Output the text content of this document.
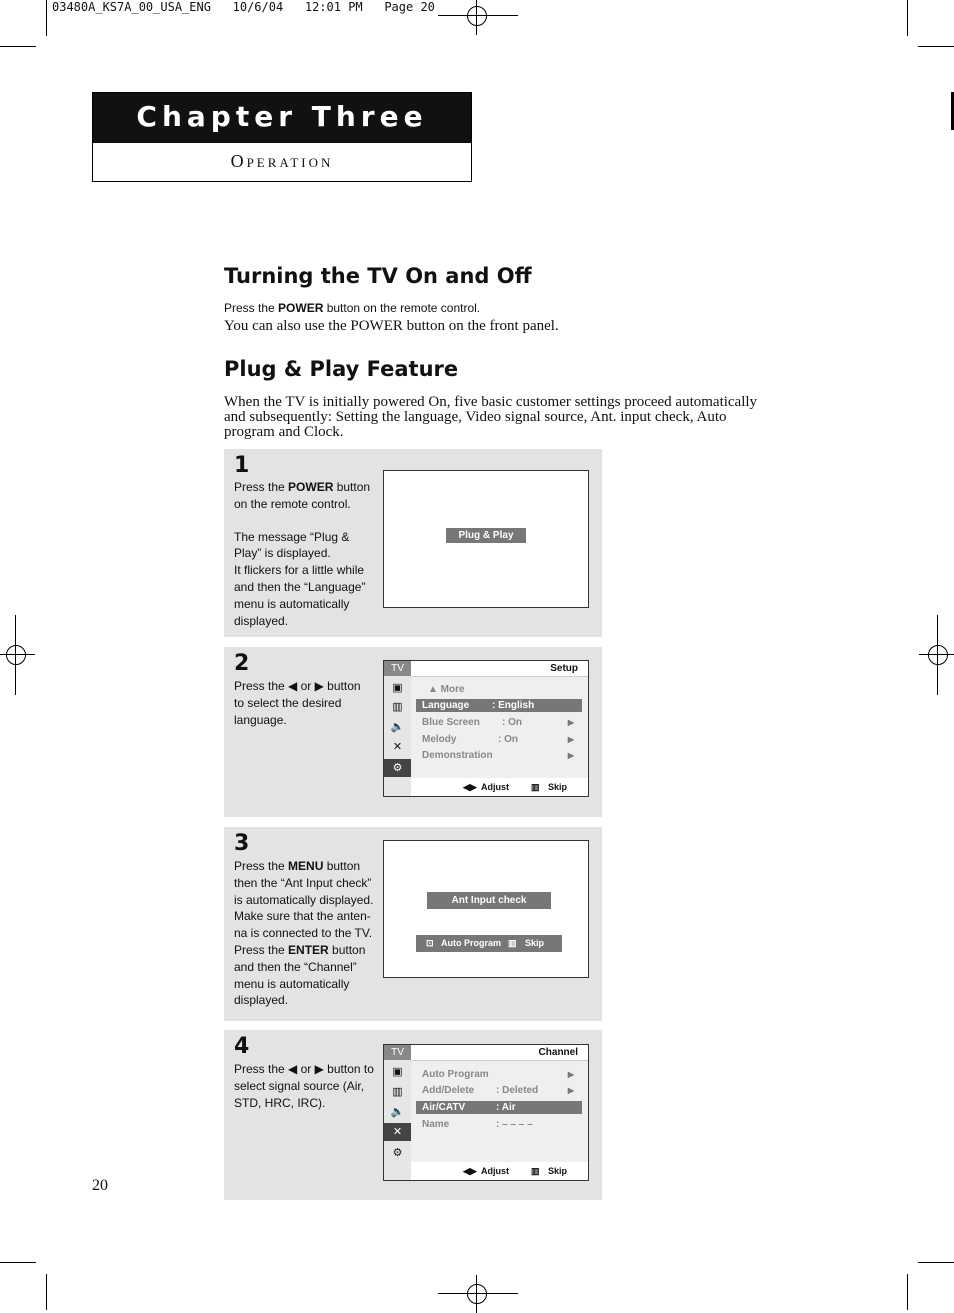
03480A_KS7A_00_USA_ENG   10/6/04   12:01 PM   Page 20
Chapter Three
OPERATION
Turning the TV On and Off
Press the POWER button on the remote control.
You can also use the POWER button on the front panel.
Plug & Play Feature
When the TV is initially powered On, five basic customer settings proceed automatically
and subsequently: Setting the language, Video signal source, Ant. input check, Auto
program and Clock.
1
Press the POWER button
on the remote control.
The message “Plug &
Play” is displayed.
It flickers for a little while
and then the “Language”
menu is automatically
displayed.
Plug & Play
2
Press the ◀ or ▶ button
to select the desired
language.
TV
▣
▥
🔈
✕
⚙
Setup
▲ More
Language : English
Blue Screen : On	▶
Melody	: On	▶
Demonstration	▶
◀▶ Adjust ▥ Skip
3
Press the MENU button
then the “Ant Input check”
is automatically displayed.
Make sure that the anten-
na is connected to the TV.
Press the ENTER button
and then the “Channel”
menu is automatically
displayed.
Ant Input check
⊡ Auto Program ▥ Skip
4
Press the ◀ or ▶ button to
select signal source (Air,
STD, HRC, IRC).
TV
▣
▥
🔈
✕
⚙
Channel
Auto Program	▶
Add/Delete : Deleted	▶
Air/CATV	: Air
Name	: – – – –
◀▶ Adjust ▥ Skip
20
